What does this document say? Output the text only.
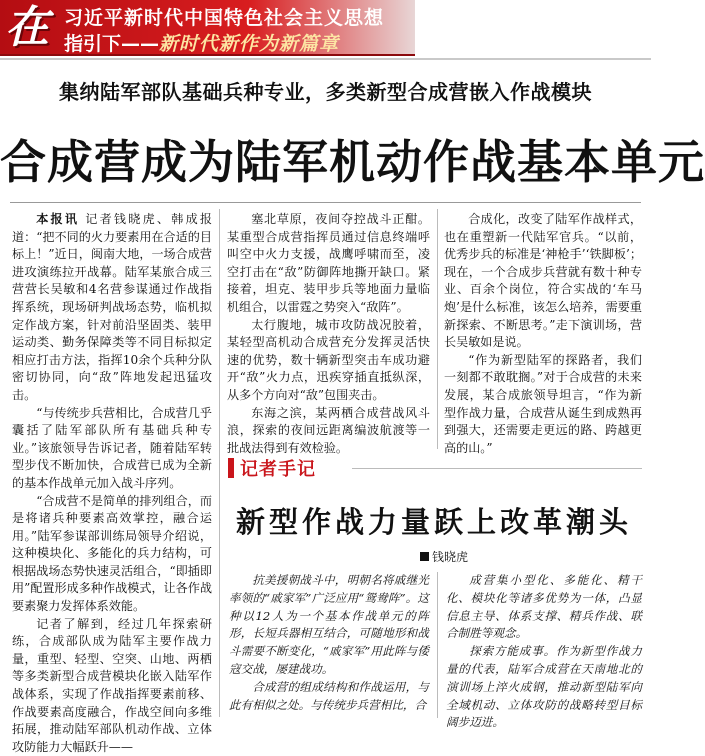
在 习近平新时代中国特色社会主义思想
指引下——新时代新作为新篇章
集纳陆军部队基础兵种专业，多类新型合成营嵌入作战模块
合成营成为陆军机动作战基本单元

本报讯 记者钱晓虎、韩成报道：“把不同的火力要素用在合适的目标上！”近日，闽南大地，一场合成营进攻演练拉开战幕。陆军某旅合成三营营长吴敏和4名营参谋通过作战指挥系统，现场研判战场态势，临机拟定作战方案，针对前沿坚固类、装甲运动类、勤务保障类等不同目标拟定相应打击方法，指挥10余个兵种分队密切协同，向“敌”阵地发起迅猛攻击。

“与传统步兵营相比，合成营几乎囊括了陆军部队所有基础兵种专业。”该旅领导告诉记者，随着陆军转型步伐不断加快，合成营已成为全新的基本作战单元加入战斗序列。

“合成营不是简单的排列组合，而是将诸兵种要素高效掌控，融合运用。”陆军参谋部训练局领导介绍说，这种模块化、多能化的兵力结构，可根据战场态势快速灵活组合，“即插即用”配置形成多种作战模式，让各作战要素聚力发挥体系效能。

记者了解到，经过几年探索研练，合成部队成为陆军主要作战力量，重型、轻型、空突、山地、两栖等多类新型合成营模块化嵌入陆军作战体系，实现了作战指挥要素前移、作战要素高度融合，作战空间向多维拓展，推动陆军部队机动作战、立体攻防能力大幅跃升——

塞北草原，夜间夺控战斗正酣。某重型合成营指挥员通过信息终端呼叫空中火力支援，战鹰呼啸而至，凌空打击在“敌”防御阵地撕开缺口。紧接着，坦克、装甲步兵等地面力量临机组合，以雷霆之势突入“敌阵”。

太行腹地，城市攻防战况胶着，某轻型高机动合成营充分发挥灵活快速的优势，数十辆新型突击车成功避开“敌”火力点，迅疾穿插直抵纵深，从多个方向对“敌”包围夹击。

东海之滨，某两栖合成营战风斗浪，探索的夜间远距离编波航渡等一批战法得到有效检验。

合成化，改变了陆军作战样式，也在重塑新一代陆军官兵。“以前，优秀步兵的标准是‘神枪手’‘铁脚板’；现在，一个合成步兵营就有数十种专业、百余个岗位，符合实战的‘车马炮’是什么标准，该怎么培养，需要重新探索、不断思考。”走下演训场，营长吴敏如是说。

“作为新型陆军的探路者，我们一刻都不敢耽搁。”对于合成营的未来发展，某合成旅领导坦言，“作为新型作战力量，合成营从诞生到成熟再到强大，还需要走更远的路、跨越更高的山。”

记者手记
新型作战力量跃上改革潮头
钱晓虎

抗美援朝战斗中，明朝名将戚继光率领的“戚家军”广泛应用“鸳鸯阵”。这种以12人为一个基本作战单元的阵形，长短兵器相互结合，可随地形和战斗需要不断变化，“戚家军”用此阵与倭寇交战，屡建战功。

合成营的组成结构和作战运用，与此有相似之处。与传统步兵营相比，合

成营集小型化、多能化、精干化、模块化等诸多优势为一体，凸显信息主导、体系支撑、精兵作战、联合制胜等观念。

探索方能成事。作为新型作战力量的代表，陆军合成营在天南地北的演训场上淬火成钢，推动新型陆军向全域机动、立体攻防的战略转型目标阔步迈进。
